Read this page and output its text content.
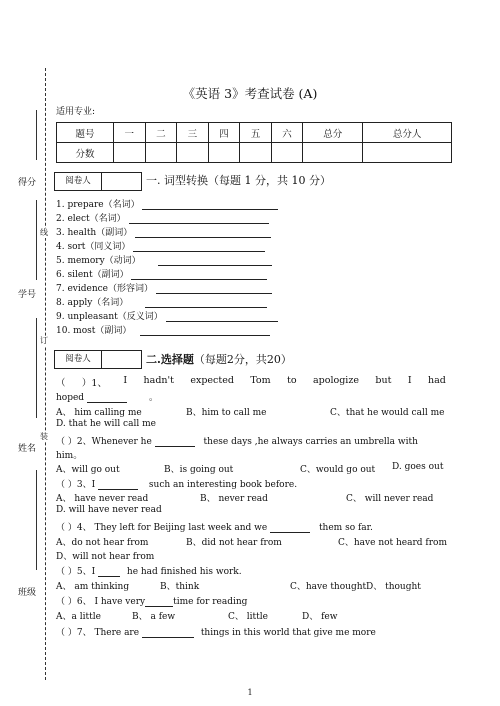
得分
学号
姓名
班级
线
订
装
《英语 3》考查试卷 (A)
适用专业:
题号	一	二	三	四	五	六	总分	总分人
分数								
阅卷人	一. 词型转换（每题 1 分，共 10 分）
1. prepare（名词）
2. elect（名词）
3. health（副词）
4. sort（同义词）
5. memory（动词）
6. silent（副词）
7. evidence（形容词）
8. apply（名词）
9. unpleasant（反义词）
10. most（副词）
阅卷人	二.选择题（每题2分，共20）
（ ）1、 I hadn't expected Tom to apologize but I had
hoped	。
A、 him calling me	B、him to call me	C、that he would call me
D. that he will call me
（ ）2、Whenever he	these days ,he always carries an umbrella with
him。
A、will go out	B、is going out	C、would go out D. goes out
（ ）3、I	such an interesting book before.
A、 have never read	B、 never read	C、 will never read
D. will have never read
（ ）4、 They left for Beijing last week and we	them so far.
A、do not hear from	B、did not hear from	C、have not heard from
D、will not hear from
（ ）5、I	he had finished his work.
A、 am thinking	B、think	C、have thought D、 thought
（ ）6、 I have very	time for reading
A、a little	B、 a few	C、 little	D、 few
（ ）7、 There are	things in this world that give me more
1
